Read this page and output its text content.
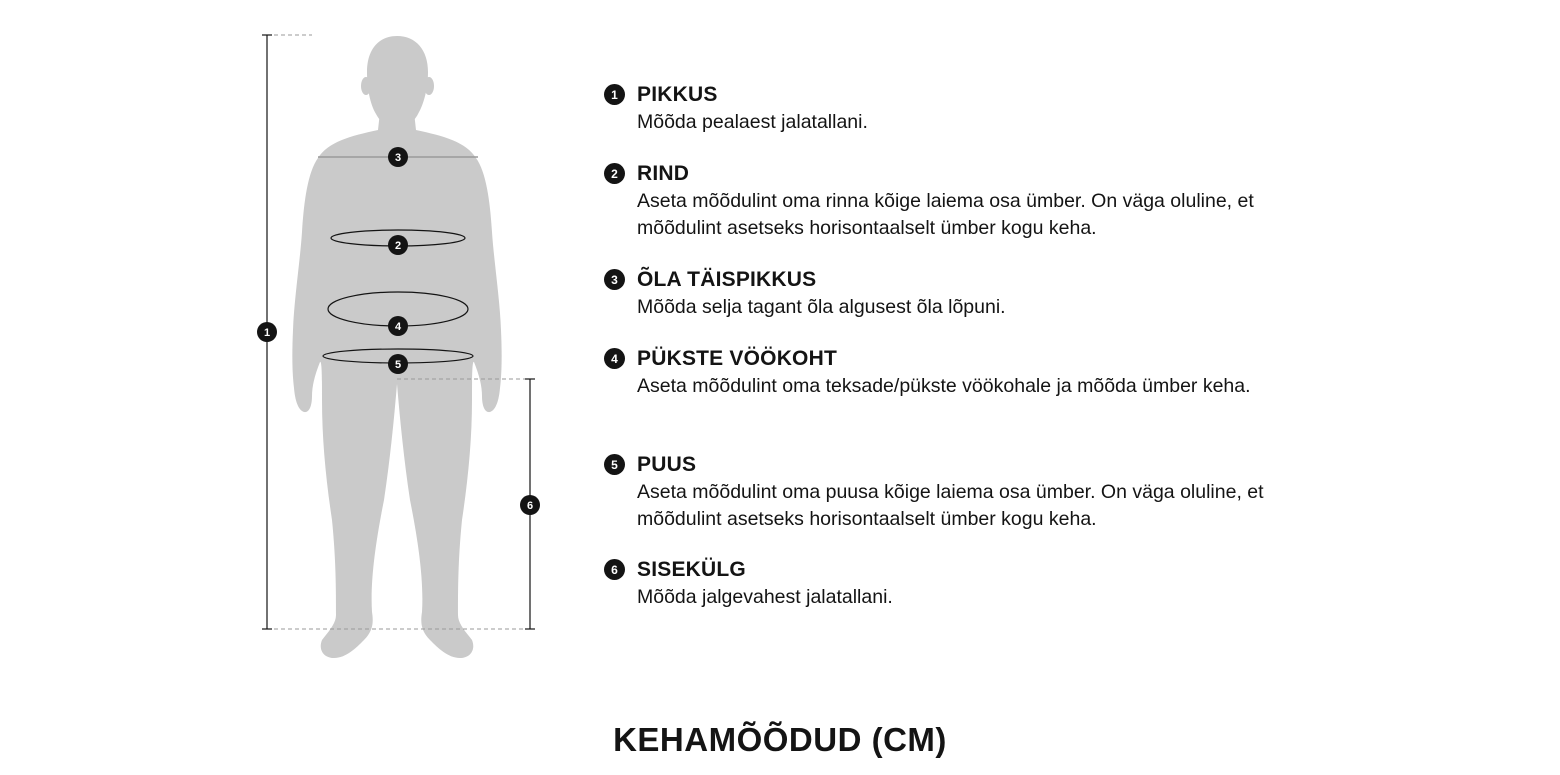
1
2
3
4
5
6
1 PIKKUS
Mõõda pealaest jalatallani.
2 RIND
Aseta mõõdulint oma rinna kõige laiema osa ümber. On väga oluline, et mõõdulint asetseks horisontaalselt ümber kogu keha.
3 ÕLA TÄISPIKKUS
Mõõda selja tagant õla algusest õla lõpuni.
4 PÜKSTE VÖÖKOHT
Aseta mõõdulint oma teksade/pükste vöökohale ja mõõda ümber keha.
5 PUUS
Aseta mõõdulint oma puusa kõige laiema osa ümber. On väga oluline, et mõõdulint asetseks horisontaalselt ümber kogu keha.
6 SISEKÜLG
Mõõda jalgevahest jalatallani.
KEHAMÕÕDUD (CM)
